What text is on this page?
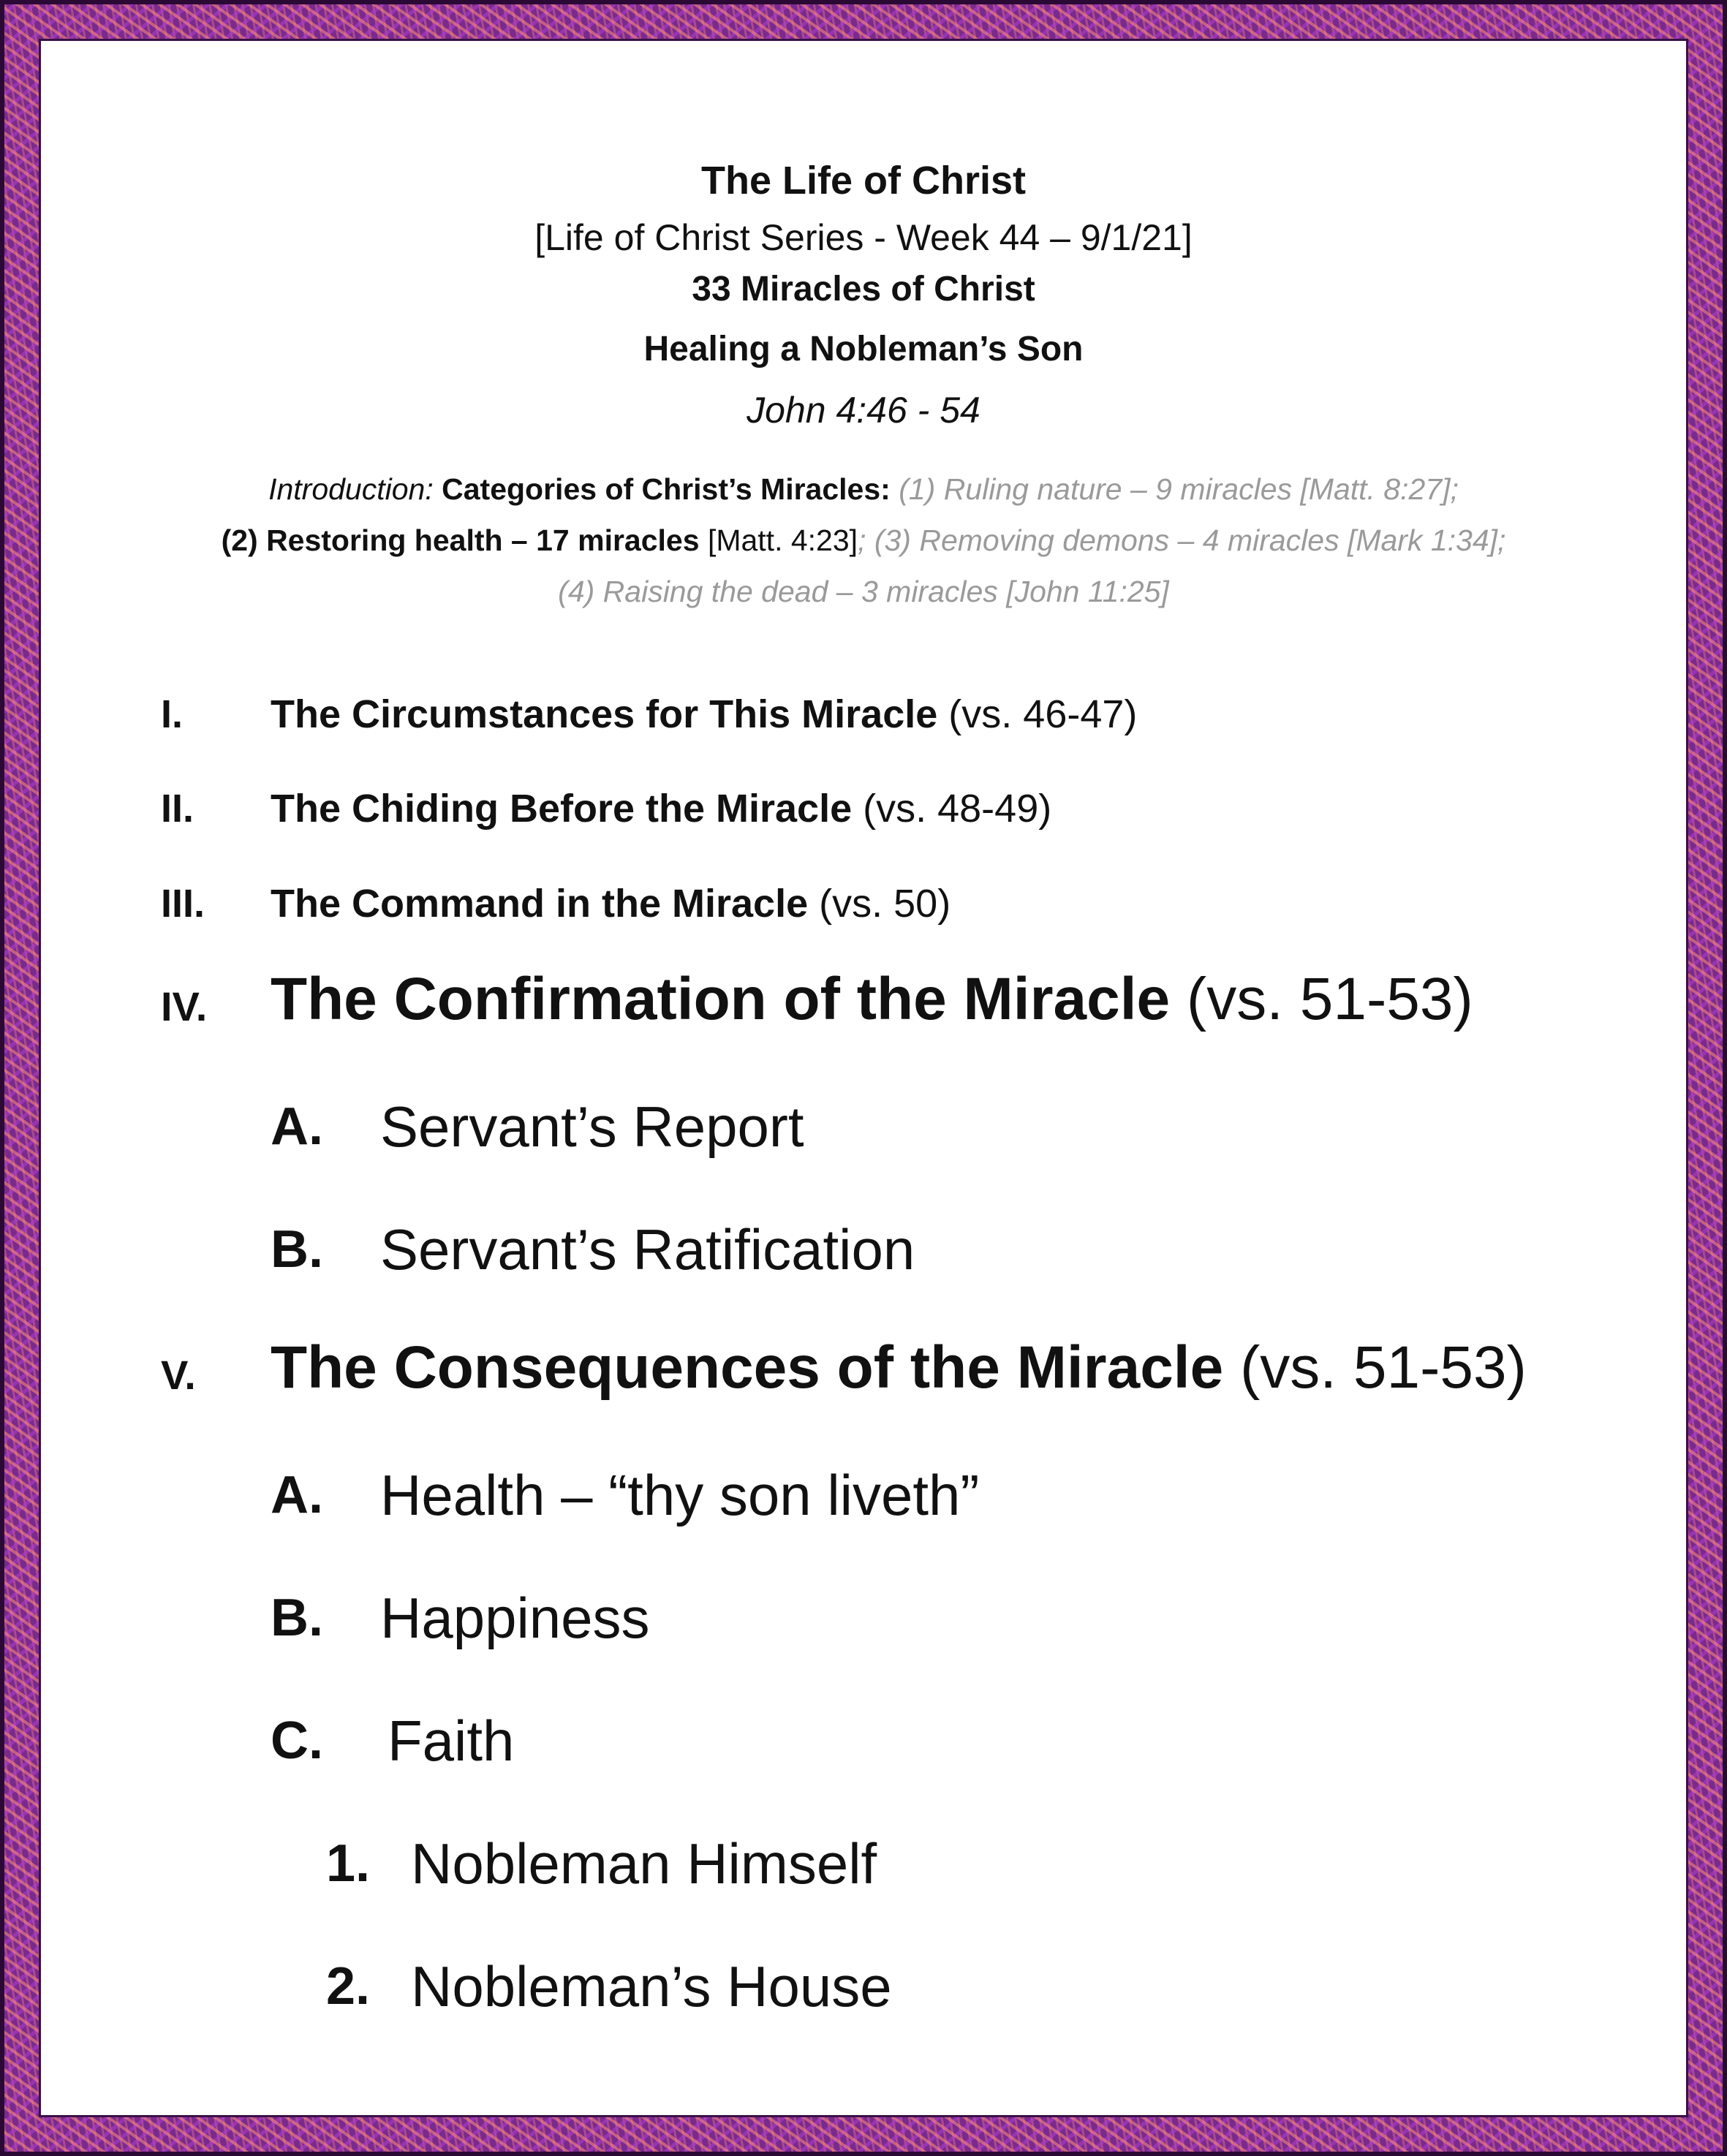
The Life of Christ
[Life of Christ Series - Week 44 – 9/1/21]
33 Miracles of Christ
Healing a Nobleman’s Son
John 4:46 - 54
Introduction: Categories of Christ’s Miracles: (1) Ruling nature – 9 miracles [Matt. 8:27];
(2) Restoring health – 17 miracles [Matt. 4:23]; (3) Removing demons – 4 miracles [Mark 1:34];
(4) Raising the dead – 3 miracles [John 11:25]
I. The Circumstances for This Miracle (vs. 46-47)
II. The Chiding Before the Miracle (vs. 48-49)
III. The Command in the Miracle (vs. 50)
IV. The Confirmation of the Miracle (vs. 51-53)
A. Servant’s Report
B. Servant’s Ratification
V. The Consequences of the Miracle (vs. 51-53)
A. Health – “thy son liveth”
B. Happiness
C. Faith
1. Nobleman Himself
2. Nobleman’s House
